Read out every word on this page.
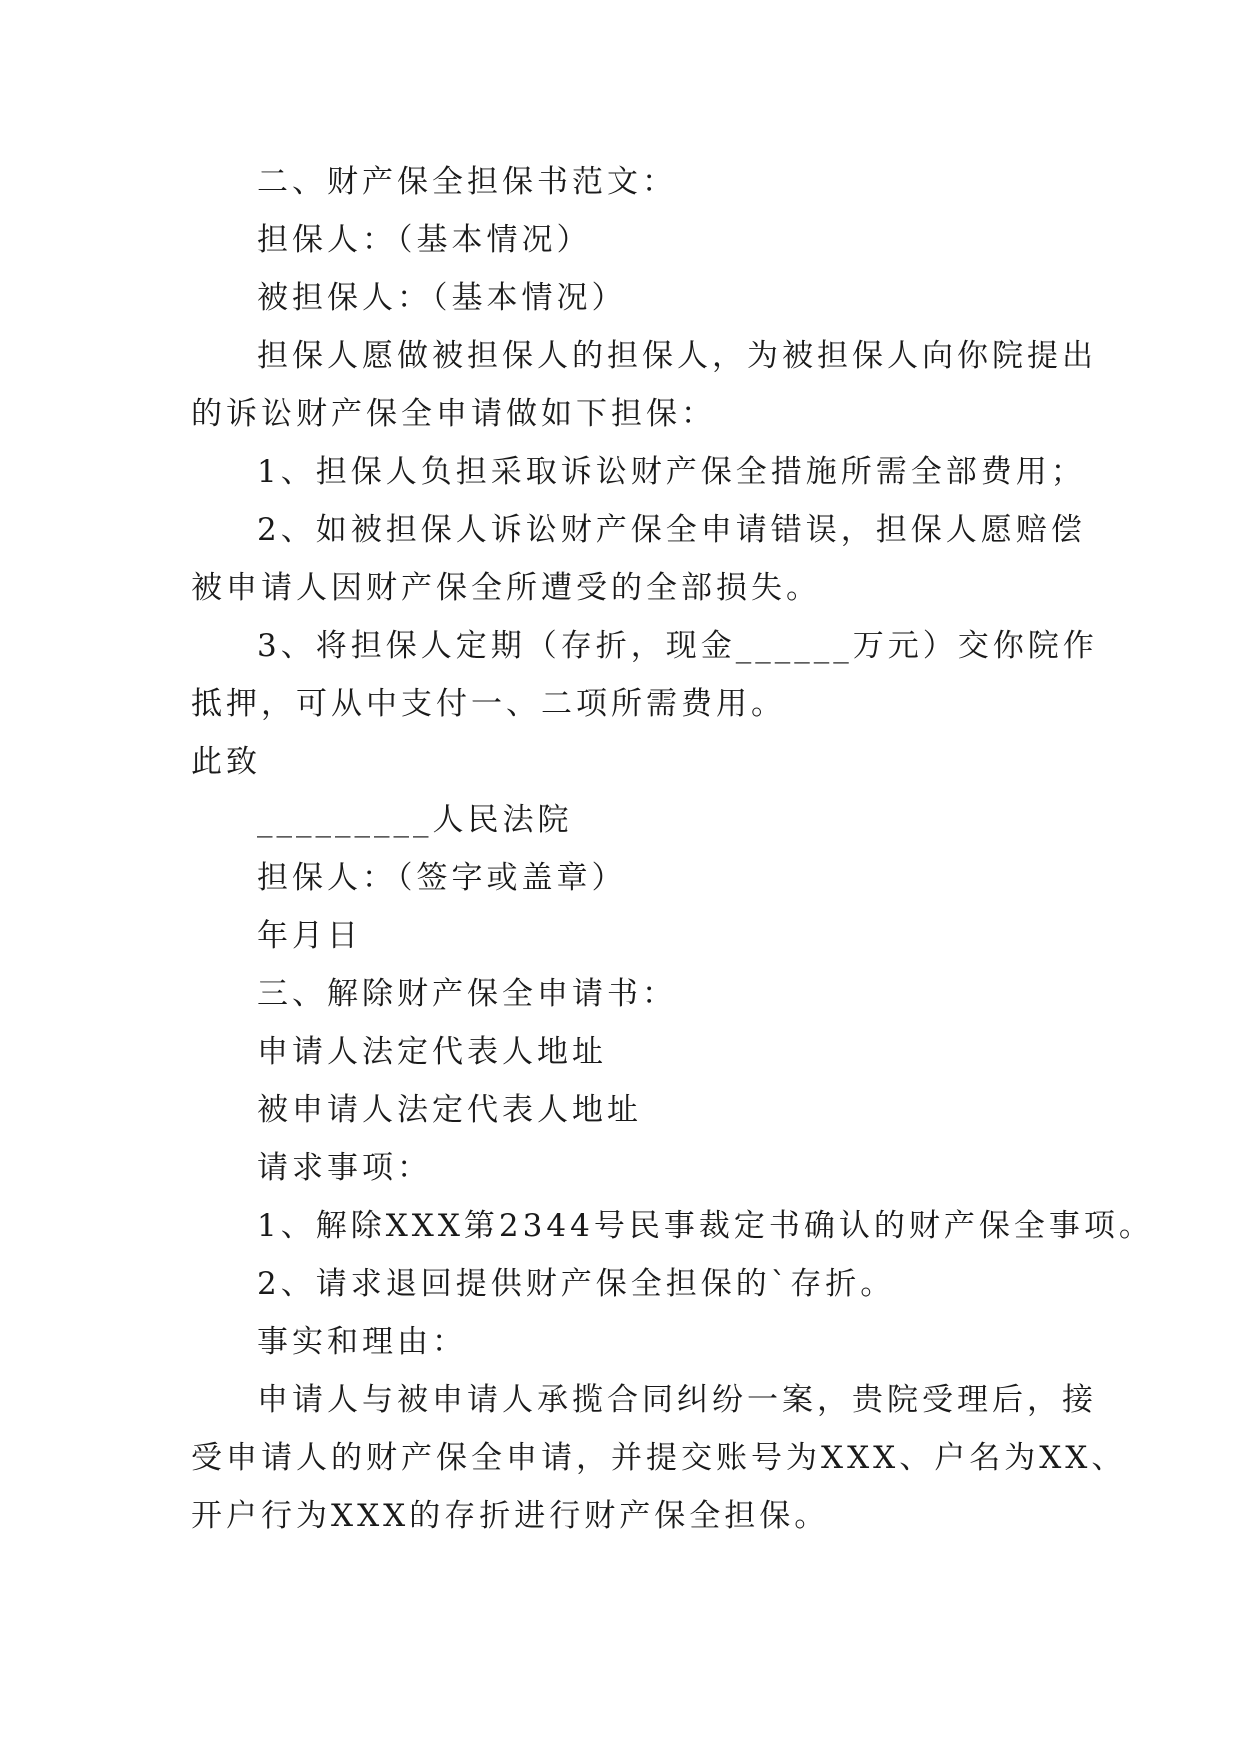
二、财产保全担保书范文：
担保人：（基本情况）
被担保人：（基本情况）
担保人愿做被担保人的担保人，为被担保人向你院提出
的诉讼财产保全申请做如下担保：
1、担保人负担采取诉讼财产保全措施所需全部费用；
2、如被担保人诉讼财产保全申请错误，担保人愿赔偿
被申请人因财产保全所遭受的全部损失。
3、将担保人定期（存折，现金______万元）交你院作
抵押，可从中支付一、二项所需费用。
此致
_________人民法院
担保人：（签字或盖章）
年月日
三、解除财产保全申请书：
申请人法定代表人地址
被申请人法定代表人地址
请求事项：
1、解除XXX第2344号民事裁定书确认的财产保全事项。
2、请求退回提供财产保全担保的`存折。
事实和理由：
申请人与被申请人承揽合同纠纷一案，贵院受理后，接
受申请人的财产保全申请，并提交账号为XXX、户名为XX、
开户行为XXX的存折进行财产保全担保。
